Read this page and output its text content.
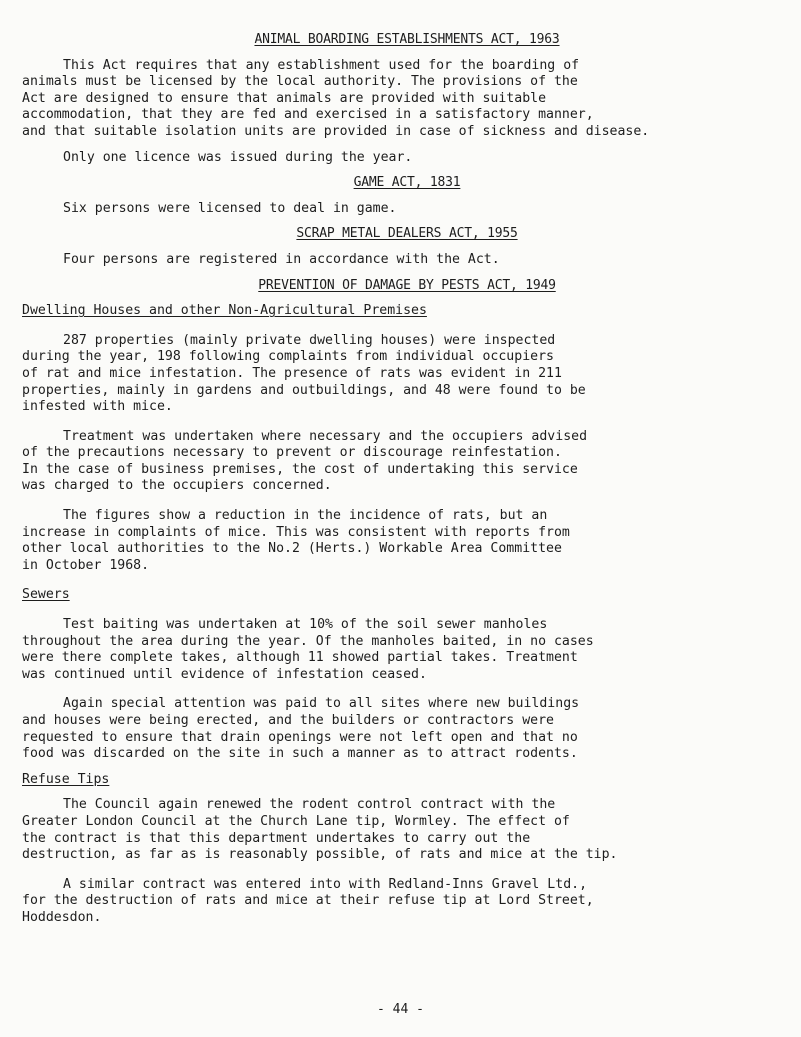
ANIMAL BOARDING ESTABLISHMENTS ACT, 1963

This Act requires that any establishment used for the boarding of

animals must be licensed by the local authority. The provisions of the

Act are designed to ensure that animals are provided with suitable

accommodation, that they are fed and exercised in a satisfactory manner,

and that suitable isolation units are provided in case of sickness and disease.

Only one licence was issued during the year.

GAME ACT, 1831

Six persons were licensed to deal in game.

SCRAP METAL DEALERS ACT, 1955

Four persons are registered in accordance with the Act.

PREVENTION OF DAMAGE BY PESTS ACT, 1949

Dwelling Houses and other Non-Agricultural Premises

287 properties (mainly private dwelling houses) were inspected

during the year, 198 following complaints from individual occupiers

of rat and mice infestation. The presence of rats was evident in 211

properties, mainly in gardens and outbuildings, and 48 were found to be

infested with mice.

Treatment was undertaken where necessary and the occupiers advised

of the precautions necessary to prevent or discourage reinfestation.

In the case of business premises, the cost of undertaking this service

was charged to the occupiers concerned.

The figures show a reduction in the incidence of rats, but an

increase in complaints of mice. This was consistent with reports from

other local authorities to the No.2 (Herts.) Workable Area Committee

in October 1968.

Sewers

Test baiting was undertaken at 10% of the soil sewer manholes

throughout the area during the year. Of the manholes baited, in no cases

were there complete takes, although 11 showed partial takes. Treatment

was continued until evidence of infestation ceased.

Again special attention was paid to all sites where new buildings

and houses were being erected, and the builders or contractors were

requested to ensure that drain openings were not left open and that no

food was discarded on the site in such a manner as to attract rodents.

Refuse Tips

The Council again renewed the rodent control contract with the

Greater London Council at the Church Lane tip, Wormley. The effect of

the contract is that this department undertakes to carry out the

destruction, as far as is reasonably possible, of rats and mice at the tip.

A similar contract was entered into with Redland-Inns Gravel Ltd.,

for the destruction of rats and mice at their refuse tip at Lord Street,

Hoddesdon.

- 44 -
